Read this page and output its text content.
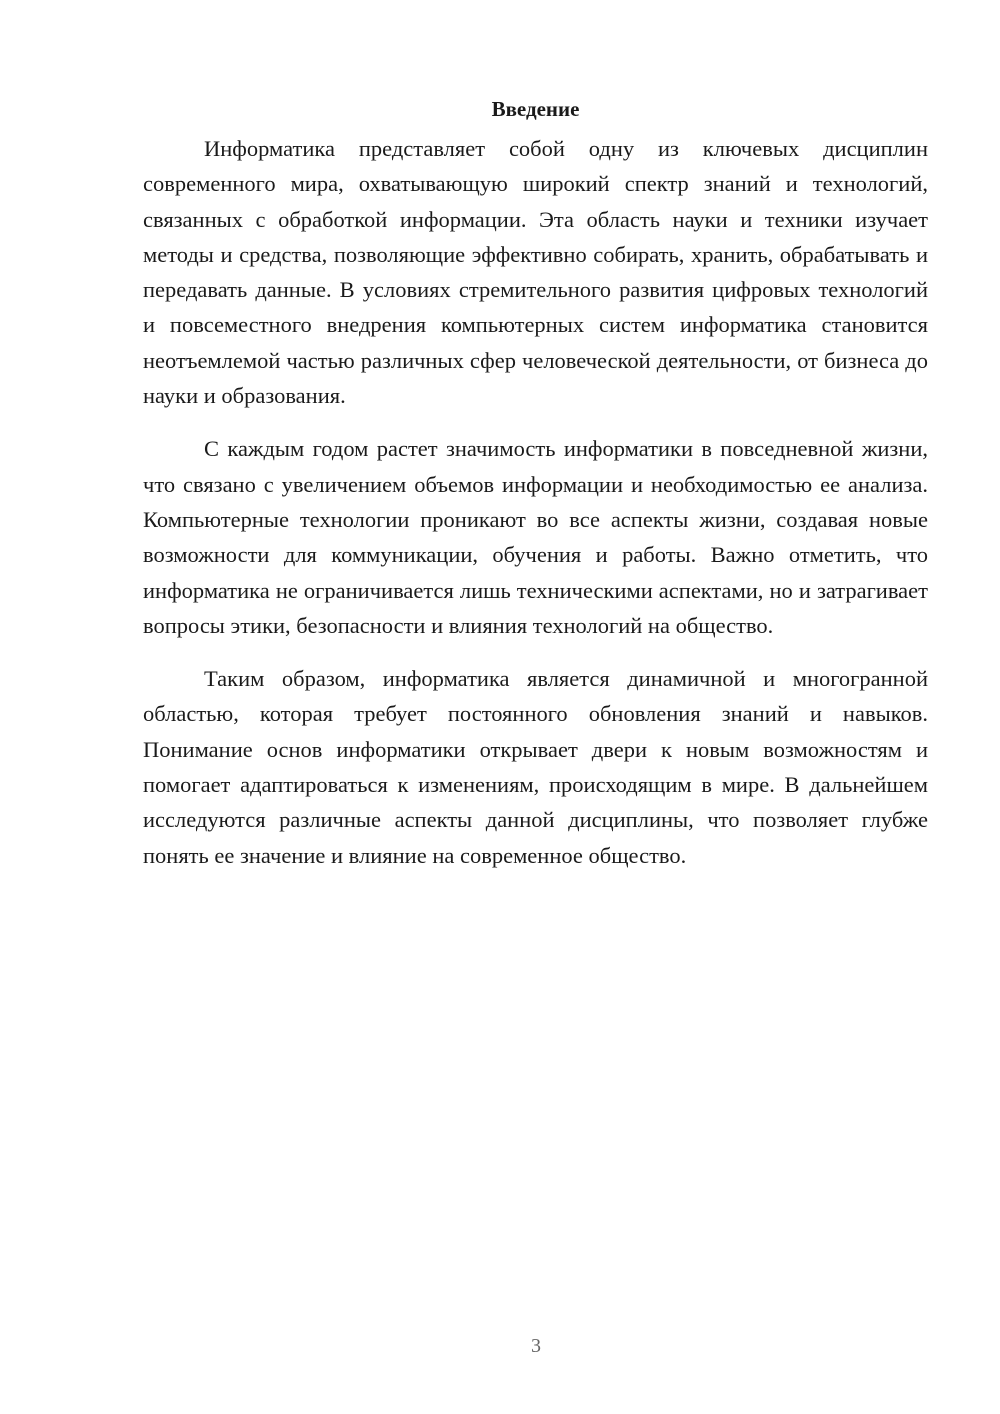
Введение

Информатика представляет собой одну из ключевых дисциплин современного мира, охватывающую широкий спектр знаний и технологий, связанных с обработкой информации. Эта область науки и техники изучает методы и средства, позволяющие эффективно собирать, хранить, обрабатывать и передавать данные. В условиях стремительного развития цифровых технологий и повсеместного внедрения компьютерных систем информатика становится неотъемлемой частью различных сфер человеческой деятельности, от бизнеса до науки и образования.

С каждым годом растет значимость информатики в повседневной жизни, что связано с увеличением объемов информации и необходимостью ее анализа. Компьютерные технологии проникают во все аспекты жизни, создавая новые возможности для коммуникации, обучения и работы. Важно отметить, что информатика не ограничивается лишь техническими аспектами, но и затрагивает вопросы этики, безопасности и влияния технологий на общество.

Таким образом, информатика является динамичной и многогранной областью, которая требует постоянного обновления знаний и навыков. Понимание основ информатики открывает двери к новым возможностям и помогает адаптироваться к изменениям, происходящим в мире. В дальнейшем исследуются различные аспекты данной дисциплины, что позволяет глубже понять ее значение и влияние на современное общество.

3
